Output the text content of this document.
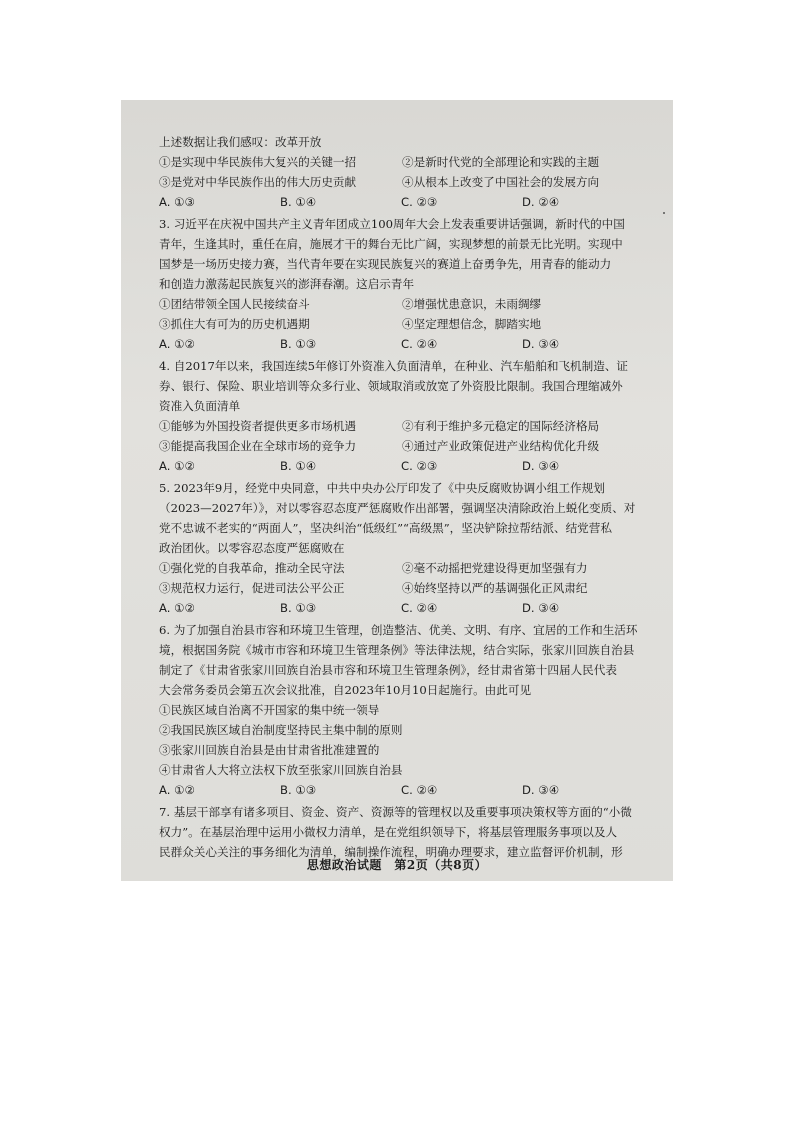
上述数据让我们感叹：改革开放
①是实现中华民族伟大复兴的关键一招	②是新时代党的全部理论和实践的主题
③是党对中华民族作出的伟大历史贡献	④从根本上改变了中国社会的发展方向
A. ①③	B. ①④	C. ②③	D. ②④
3. 习近平在庆祝中国共产主义青年团成立100周年大会上发表重要讲话强调，新时代的中国
青年，生逢其时，重任在肩，施展才干的舞台无比广阔，实现梦想的前景无比光明。实现中
国梦是一场历史接力赛，当代青年要在实现民族复兴的赛道上奋勇争先，用青春的能动力
和创造力激荡起民族复兴的澎湃春潮。这启示青年
①团结带领全国人民接续奋斗	②增强忧患意识，未雨绸缪
③抓住大有可为的历史机遇期	④坚定理想信念，脚踏实地
A. ①②	B. ①③	C. ②④	D. ③④
4. 自2017年以来，我国连续5年修订外资准入负面清单，在种业、汽车船舶和飞机制造、证
券、银行、保险、职业培训等众多行业、领域取消或放宽了外资股比限制。我国合理缩减外
资准入负面清单
①能够为外国投资者提供更多市场机遇	②有利于维护多元稳定的国际经济格局
③能提高我国企业在全球市场的竞争力	④通过产业政策促进产业结构优化升级
A. ①②	B. ①④	C. ②③	D. ③④
5. 2023年9月，经党中央同意，中共中央办公厅印发了《中央反腐败协调小组工作规划
（2023—2027年）》，对以零容忍态度严惩腐败作出部署，强调坚决清除政治上蜕化变质、对
党不忠诚不老实的“两面人”，坚决纠治“低级红”“高级黑”，坚决铲除拉帮结派、结党营私
政治团伙。以零容忍态度严惩腐败在
①强化党的自我革命，推动全民守法	②毫不动摇把党建设得更加坚强有力
③规范权力运行，促进司法公平公正	④始终坚持以严的基调强化正风肃纪
A. ①②	B. ①③	C. ②④	D. ③④
6. 为了加强自治县市容和环境卫生管理，创造整洁、优美、文明、有序、宜居的工作和生活环
境，根据国务院《城市市容和环境卫生管理条例》等法律法规，结合实际，张家川回族自治县
制定了《甘肃省张家川回族自治县市容和环境卫生管理条例》，经甘肃省第十四届人民代表
大会常务委员会第五次会议批准，自2023年10月10日起施行。由此可见
①民族区域自治离不开国家的集中统一领导
②我国民族区域自治制度坚持民主集中制的原则
③张家川回族自治县是由甘肃省批准建置的
④甘肃省人大将立法权下放至张家川回族自治县
A. ①②	B. ①③	C. ②④	D. ③④
7. 基层干部享有诸多项目、资金、资产、资源等的管理权以及重要事项决策权等方面的“小微
权力”。在基层治理中运用小微权力清单，是在党组织领导下，将基层管理服务事项以及人
民群众关心关注的事务细化为清单，编制操作流程，明确办理要求，建立监督评价机制，形
思想政治试题　第2页（共8页）
